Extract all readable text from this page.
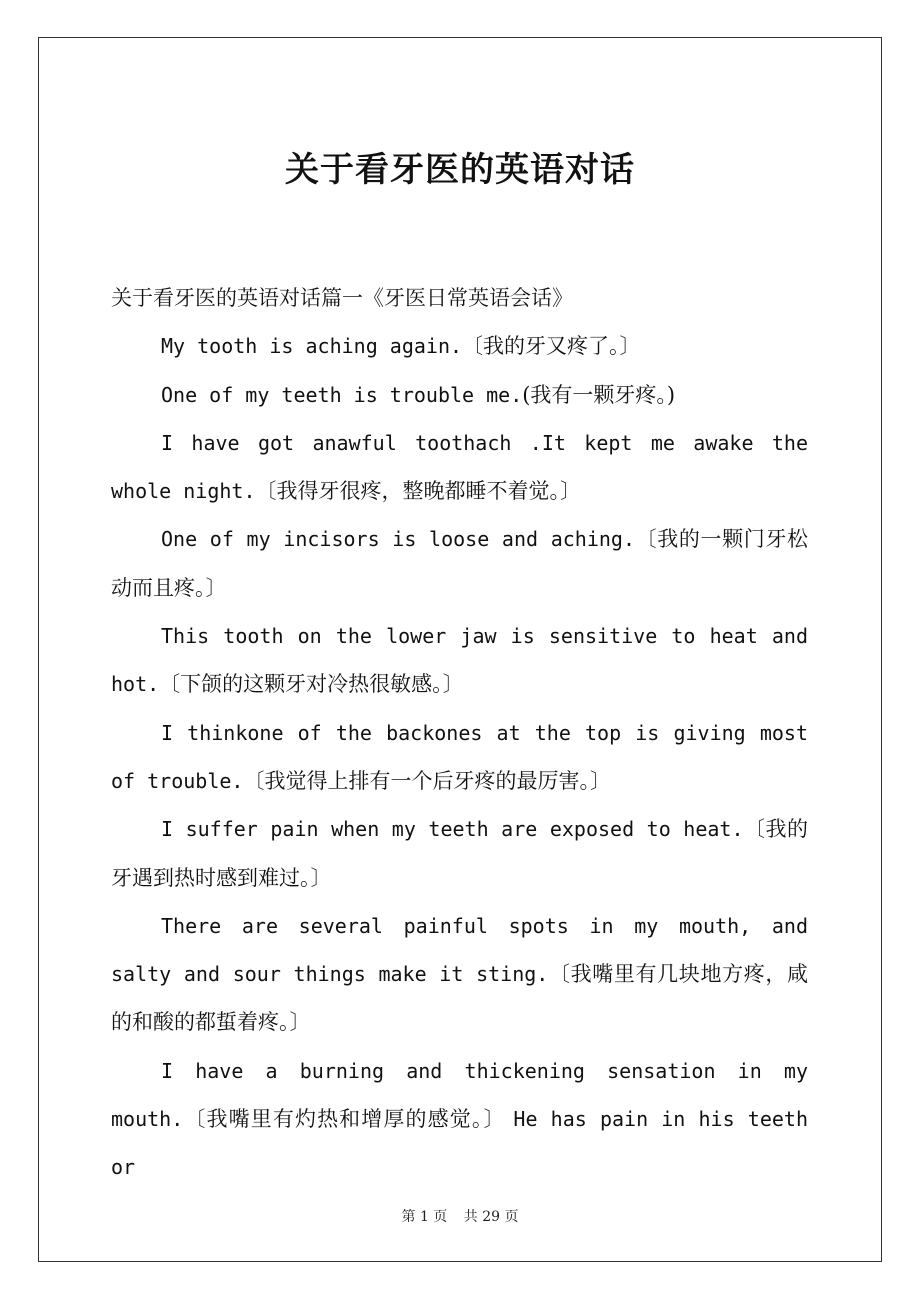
关于看牙医的英语对话

关于看牙医的英语对话篇一《牙医日常英语会话》

My tooth is aching again.〔我的牙又疼了。〕

One of my teeth is trouble me.(我有一颗牙疼。)

I have got anawful toothach .It kept me awake the whole night.〔我得牙很疼，整晚都睡不着觉。〕

One of my incisors is loose and aching.〔我的一颗门牙松动而且疼。〕

This tooth on the lower jaw is sensitive to heat and hot.〔下颌的这颗牙对冷热很敏感。〕

I thinkone of the backones at the top is giving most of trouble.〔我觉得上排有一个后牙疼的最厉害。〕

I suffer pain when my teeth are exposed to heat.〔我的牙遇到热时感到难过。〕

There are several painful spots in my mouth, and salty and sour things make it sting.〔我嘴里有几块地方疼，咸的和酸的都蜇着疼。〕

I have a burning and thickening sensation in my mouth.〔我嘴里有灼热和增厚的感觉。〕 He has pain in his teeth or

第 1 页 共 29 页
